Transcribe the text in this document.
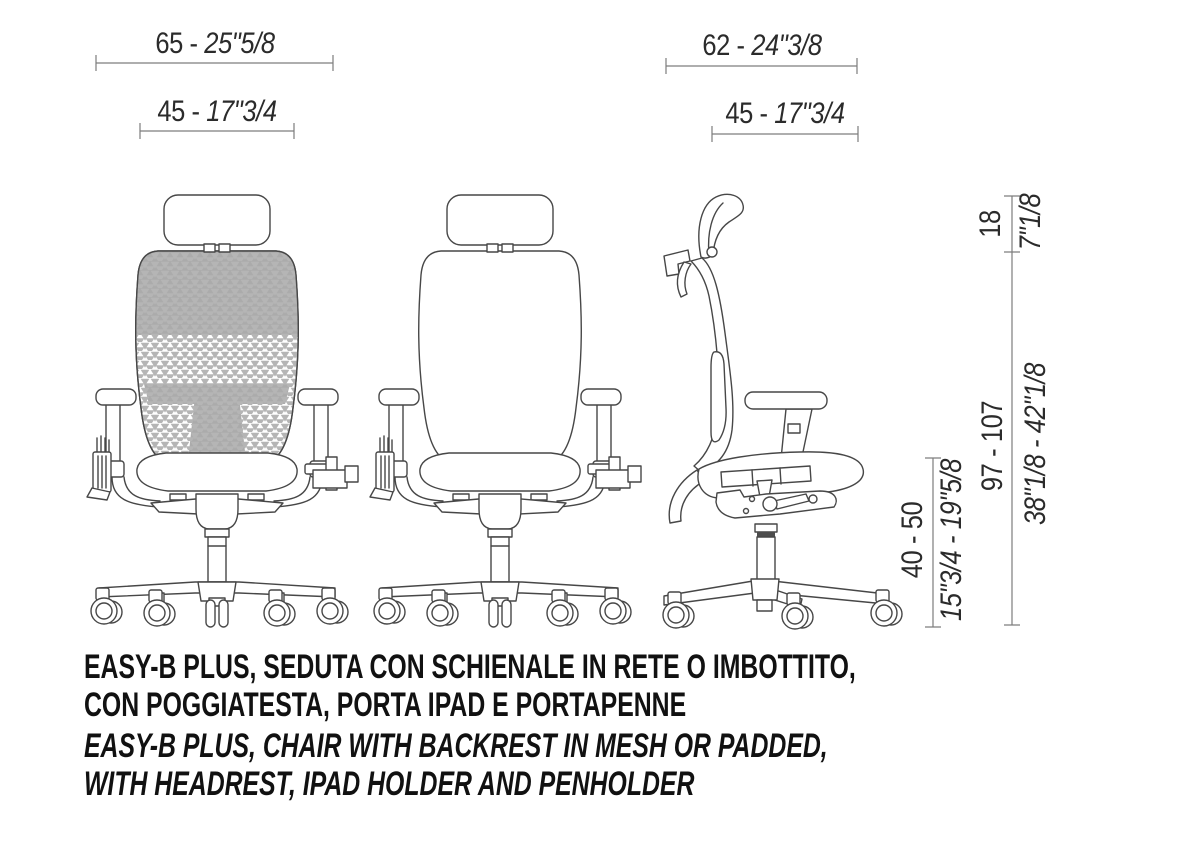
65 - 25"5/8
45 - 17"3/4
62 - 24"3/8
45 - 17"3/4
18 7"1/8
97 - 107 38"1/8 - 42"1/8
40 - 50 15"3/4 - 19"5/8
EASY-B PLUS, SEDUTA CON SCHIENALE IN RETE O IMBOTTITO,
CON POGGIATESTA, PORTA IPAD E PORTAPENNE
EASY-B PLUS, CHAIR WITH BACKREST IN MESH OR PADDED,
WITH HEADREST, IPAD HOLDER AND PENHOLDER
